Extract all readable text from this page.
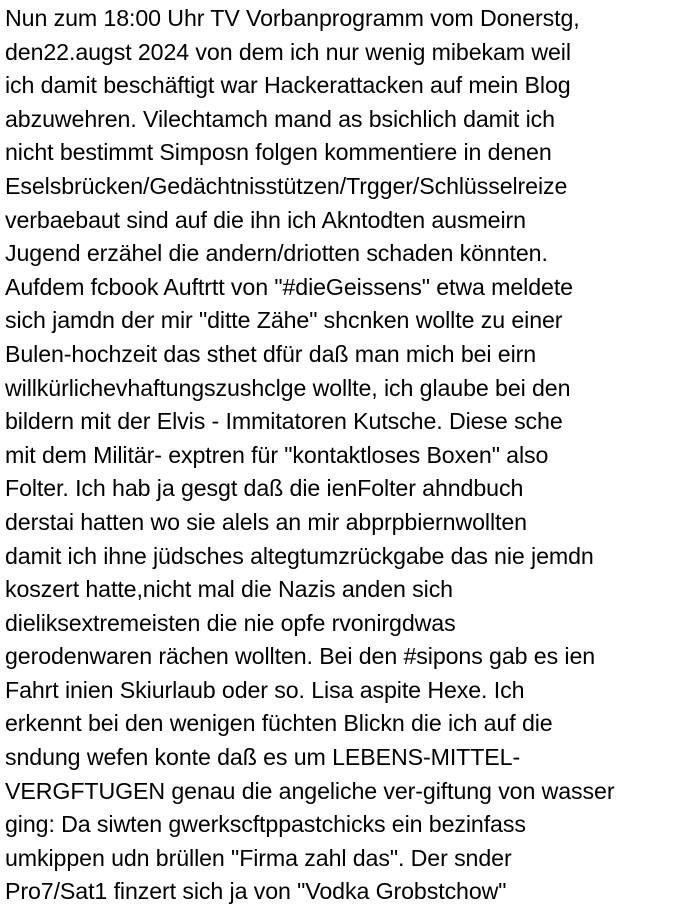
Nun zum 18:00 Uhr TV Vorbanprogramm vom Donerstg,
den22.augst 2024 von dem ich nur wenig mibekam weil
ich damit beschäftigt war Hackerattacken auf mein Blog
abzuwehren. Vilechtamch mand as bsichlich damit ich
nicht bestimmt Simposn folgen kommentiere in denen
Eselsbrücken/Gedächtnisstützen/Trgger/Schlüsselreize
verbaebaut sind auf die ihn ich Akntodten ausmeirn
Jugend erzähel die andern/driotten schaden könnten.
Aufdem fcbook Auftrtt von "#dieGeissens" etwa meldete
sich jamdn der mir "ditte Zähe" shcnken wollte zu einer
Bulen-hochzeit das sthet dfür daß man mich bei eirn
willkürlichevhaftungszushclge wollte, ich glaube bei den
bildern mit der Elvis - Immitatoren Kutsche. Diese sche
mit dem Militär- exptren für "kontaktloses Boxen" also
Folter. Ich hab ja gesgt daß die ienFolter ahndbuch
derstai hatten wo sie alels an mir abprpbiernwollten
damit ich ihne jüdsches altegtumzrückgabe das nie jemdn
koszert hatte,nicht mal die Nazis anden sich
dieliksextremeisten die nie opfe rvonirgdwas
gerodenwaren rächen wollten. Bei den #sipons gab es ien
Fahrt inien Skiurlaub oder so. Lisa aspite Hexe. Ich
erkennt bei den wenigen füchten Blickn die ich auf die
sndung wefen konte daß es um LEBENS-MITTEL-
VERGFTUGEN genau die angeliche ver-giftung von wasser
ging: Da siwten gwerkscftppastchicks ein bezinfass
umkippen udn brüllen "Firma zahl das". Der snder
Pro7/Sat1 finzert sich ja von "Vodka Grobstchow"
